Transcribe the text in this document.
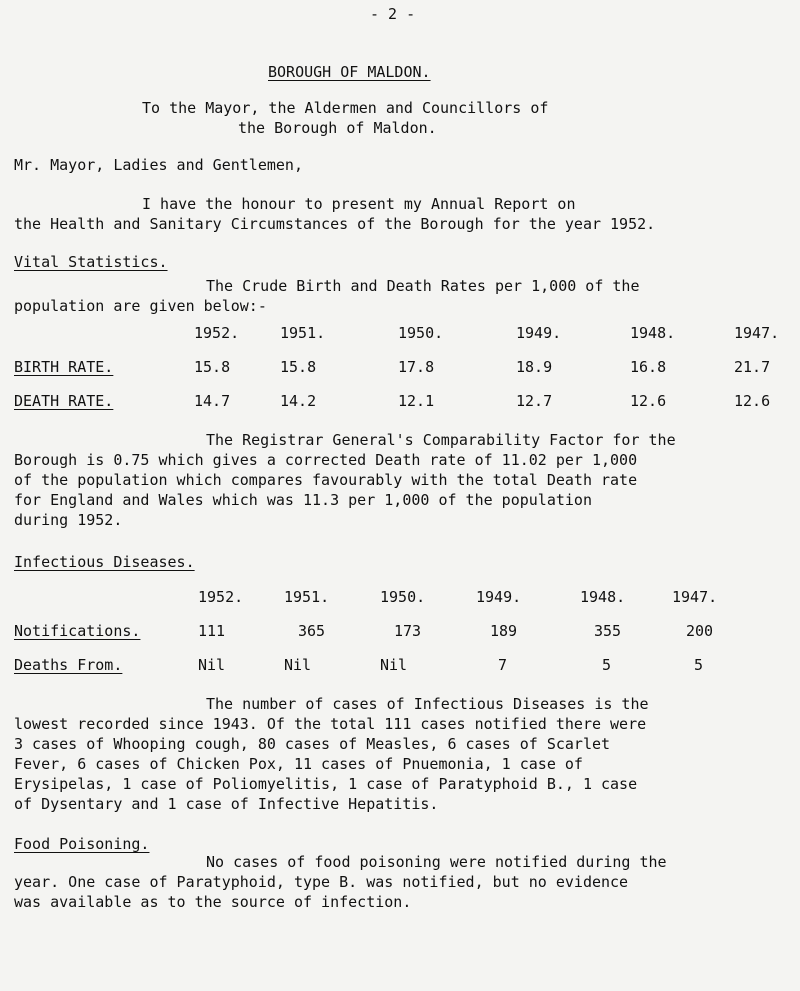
- 2 -
BOROUGH OF MALDON.
To the Mayor, the Aldermen and Councillors of
the Borough of Maldon.
Mr. Mayor, Ladies and Gentlemen,
I have the honour to present my Annual Report on
the Health and Sanitary Circumstances of the Borough for the year 1952.
Vital Statistics.
The Crude Birth and Death Rates per 1,000 of the
population are given below:-
	1952.	1951.	1950.	1949.	1948.	1947.
BIRTH RATE.	15.8	15.8	17.8	18.9	16.8	21.7
DEATH RATE.	14.7	14.2	12.1	12.7	12.6	12.6
The Registrar General's Comparability Factor for the
Borough is 0.75 which gives a corrected Death rate of 11.02 per 1,000
of the population which compares favourably with the total Death rate
for England and Wales which was 11.3 per 1,000 of the population
during 1952.
Infectious Diseases.
	1952.	1951.	1950.	1949.	1948.	1947.
Notifications.	111	365	173	189	355	200
Deaths From.	Nil	Nil	Nil	7	5	5
The number of cases of Infectious Diseases is the
lowest recorded since 1943. Of the total 111 cases notified there were
3 cases of Whooping cough, 80 cases of Measles, 6 cases of Scarlet
Fever, 6 cases of Chicken Pox, 11 cases of Pnuemonia, 1 case of
Erysipelas, 1 case of Poliomyelitis, 1 case of Paratyphoid B., 1 case
of Dysentary and 1 case of Infective Hepatitis.
Food Poisoning.
No cases of food poisoning were notified during the
year. One case of Paratyphoid, type B. was notified, but no evidence
was available as to the source of infection.
